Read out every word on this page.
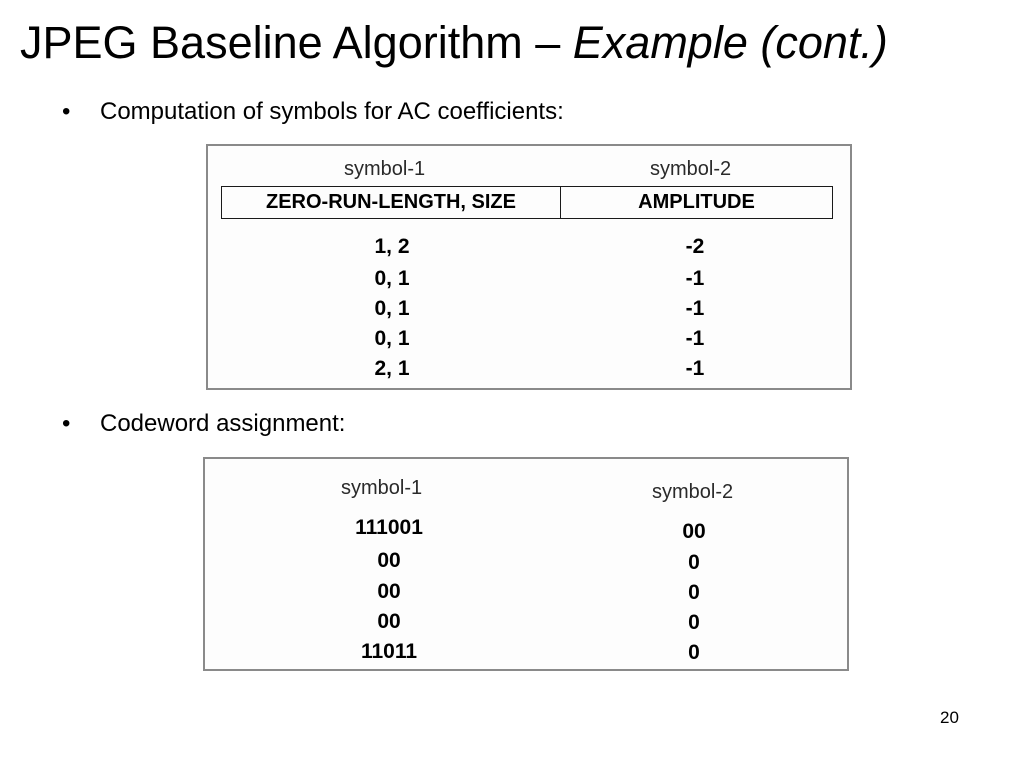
JPEG Baseline Algorithm – Example (cont.)
• Computation of symbols for AC coefficients:
symbol-1	symbol-2
ZERO-RUN-LENGTH, SIZE	AMPLITUDE
1, 2	-2
0, 1	-1
0, 1	-1
0, 1	-1
2, 1	-1
• Codeword assignment:
symbol-1	symbol-2
111001	00
00	0
00	0
00	0
11011	0
20
